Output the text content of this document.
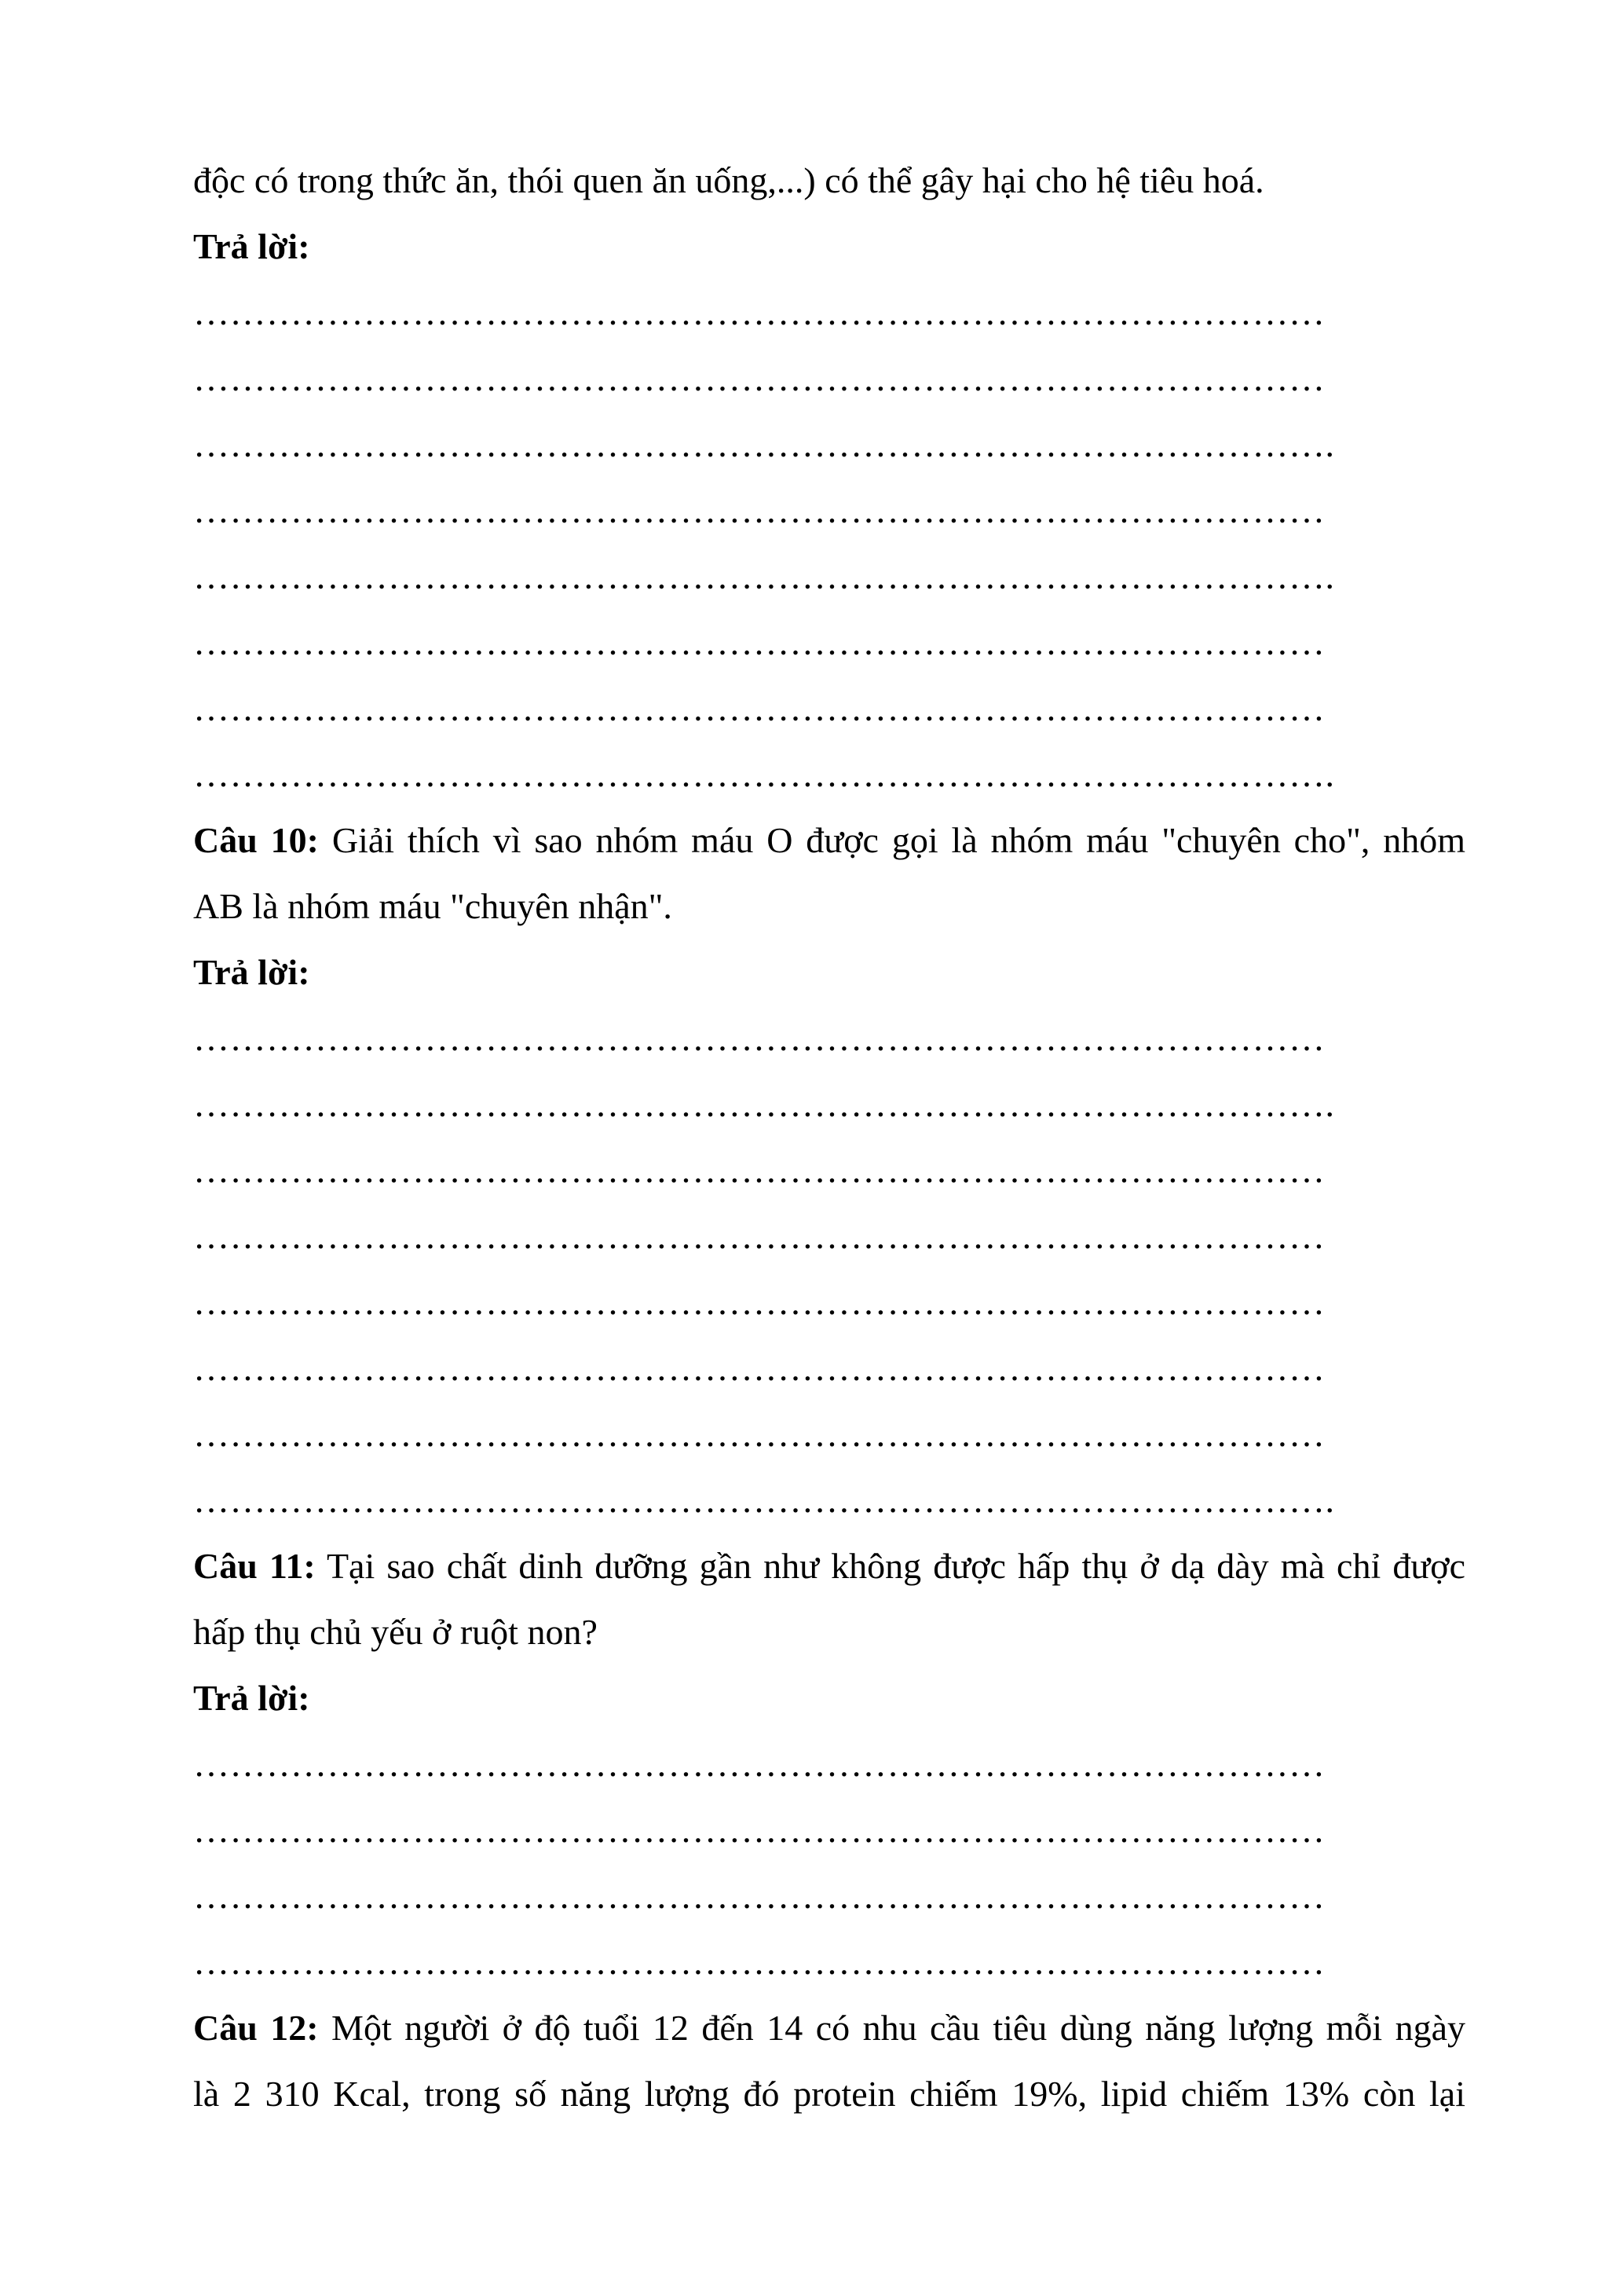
độc có trong thức ăn, thói quen ăn uống,...) có thể gây hại cho hệ tiêu hoá.
Trả lời:
…………………………………………………………………………………
…………………………………………………………………………………
………………………………………………………………………………….
…………………………………………………………………………………
………………………………………………………………………………….
…………………………………………………………………………………
…………………………………………………………………………………
………………………………………………………………………………….
Câu 10: Giải thích vì sao nhóm máu O được gọi là nhóm máu "chuyên cho", nhóm
AB là nhóm máu "chuyên nhận".
Trả lời:
…………………………………………………………………………………
………………………………………………………………………………….
…………………………………………………………………………………
…………………………………………………………………………………
…………………………………………………………………………………
…………………………………………………………………………………
…………………………………………………………………………………
………………………………………………………………………………….
Câu 11: Tại sao chất dinh dưỡng gần như không được hấp thụ ở dạ dày mà chỉ được
hấp thụ chủ yếu ở ruột non?
Trả lời:
…………………………………………………………………………………
…………………………………………………………………………………
…………………………………………………………………………………
…………………………………………………………………………………
Câu 12: Một người ở độ tuổi 12 đến 14 có nhu cầu tiêu dùng năng lượng mỗi ngày
là 2 310 Kcal, trong số năng lượng đó protein chiếm 19%, lipid chiếm 13% còn lại
